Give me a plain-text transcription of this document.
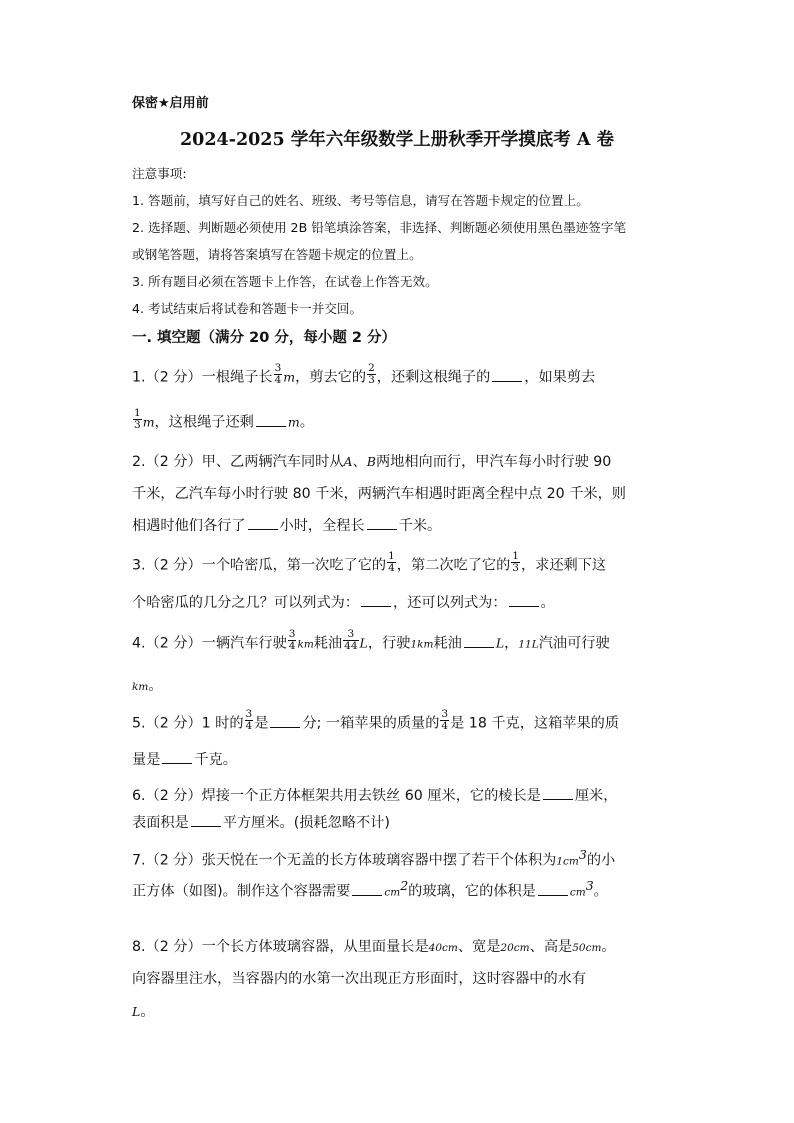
保密★启用前
2024-2025 学年六年级数学上册秋季开学摸底考 A 卷
注意事项:
1. 答题前，填写好自己的姓名、班级、考号等信息，请写在答题卡规定的位置上。
2. 选择题、判断题必须使用 2B 铅笔填涂答案，非选择、判断题必须使用黑色墨迹签字笔
或钢笔答题，请将答案填写在答题卡规定的位置上。
3. 所有题目必须在答题卡上作答，在试卷上作答无效。
4. 考试结束后将试卷和答题卡一并交回。
一. 填空题（满分 20 分，每小题 2 分）
1.（2 分）一根绳子长 $\frac{3}{4}$ m，剪去它的 $\frac{2}{3}$ ，还剩这根绳子的 ，如果剪去
$\frac{1}{3}$ m，这根绳子还剩	m。
2.（2 分）甲、乙两辆汽车同时从A、B两地相向而行，甲汽车每小时行驶 90
千米，乙汽车每小时行驶 80 千米，两辆汽车相遇时距离全程中点 20 千米，则
相遇时他们各行了 小时，全程长 千米。
3.（2 分）一个哈密瓜，第一次吃了它的 $\frac{1}{4}$ ，第二次吃了它的 $\frac{1}{3}$ ，求还剩下这
个哈密瓜的几分之几？可以列式为： ，还可以列式为： 。
4.（2 分）一辆汽车行驶 $\frac{3}{4}$ km耗油 $\frac{3}{44}$ L，行驶1km耗油	L，11L汽油可行驶
km。
5.（2 分）1 时的 $\frac{3}{4}$ 是 分; 一箱苹果的质量的 $\frac{3}{4}$ 是 18 千克，这箱苹果的质
量是 千克。
6.（2 分）焊接一个正方体框架共用去铁丝 60 厘米，它的棱长是 厘米，
表面积是 平方厘米。(损耗忽略不计)
7.（2 分）张天悦在一个无盖的长方体玻璃容器中摆了若干个体积为$1cm^3$的小
正方体（如图)。制作这个容器需要	$cm^2$的玻璃，它的体积是	$cm^3$。
8.（2 分）一个长方体玻璃容器，从里面量长是40cm、宽是20cm、高是50cm。
向容器里注水，当容器内的水第一次出现正方形面时，这时容器中的水有
L。
